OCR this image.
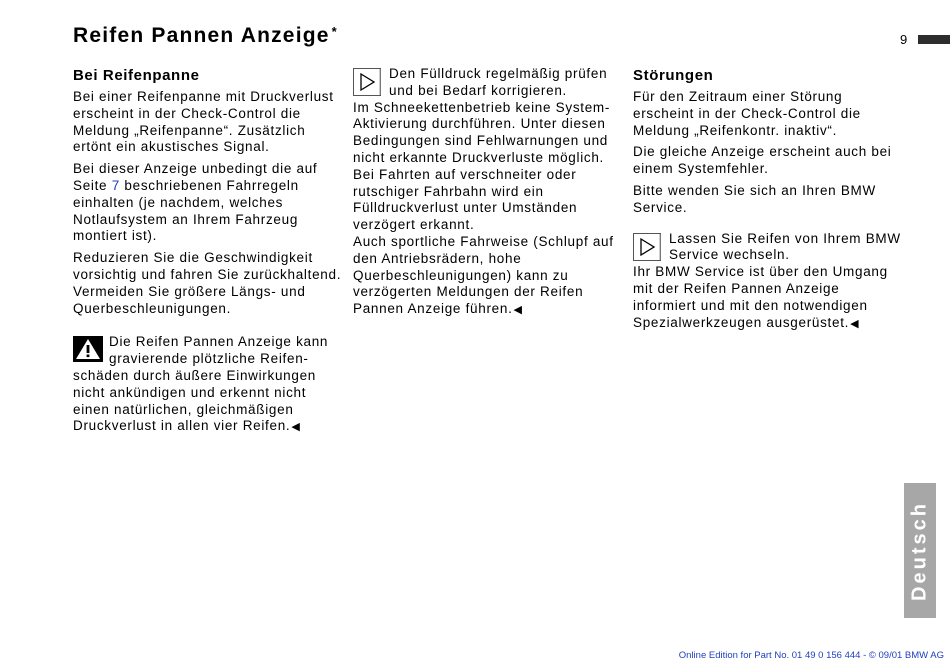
Reifen Pannen Anzeige *
9
Bei Reifenpanne

Bei einer Reifenpanne mit Druckverlust erscheint in der Check-Control die Meldung „Reifenpanne“. Zusätzlich ertönt ein akustisches Signal.

Bei dieser Anzeige unbedingt die auf Seite 7 beschriebenen Fahrregeln einhalten (je nachdem, welches Notlaufsystem an Ihrem Fahrzeug montiert ist).

Reduzieren Sie die Geschwindigkeit vorsichtig und fahren Sie zurückhaltend. Vermeiden Sie größere Längs- und Querbeschleunigungen.

Die Reifen Pannen Anzeige kann
gravierende plötzliche Reifen-
schäden durch äußere Einwirkungen nicht ankündigen und erkennt nicht einen natürlichen, gleichmäßigen Druckverlust in allen vier Reifen.◀
Den Fülldruck regelmäßig prüfen
und bei Bedarf korrigieren.
Im Schneekettenbetrieb keine System-Aktivierung durchführen. Unter diesen Bedingungen sind Fehlwarnungen und nicht erkannte Druckverluste möglich.
Bei Fahrten auf verschneiter oder rutschiger Fahrbahn wird ein Fülldruckverlust unter Umständen verzögert erkannt.
Auch sportliche Fahrweise (Schlupf auf den Antriebsrädern, hohe Querbeschleunigungen) kann zu verzögerten Meldungen der Reifen Pannen Anzeige führen.◀
Störungen

Für den Zeitraum einer Störung erscheint in der Check-Control die Meldung „Reifenkontr. inaktiv“.

Die gleiche Anzeige erscheint auch bei einem Systemfehler.

Bitte wenden Sie sich an Ihren BMW Service.

Lassen Sie Reifen von Ihrem BMW
Service wechseln.
Ihr BMW Service ist über den Umgang mit der Reifen Pannen Anzeige informiert und mit den notwendigen Spezialwerkzeugen ausgerüstet.◀
Deutsch
Online Edition for Part No. 01 49 0 156 444 - © 09/01 BMW AG
